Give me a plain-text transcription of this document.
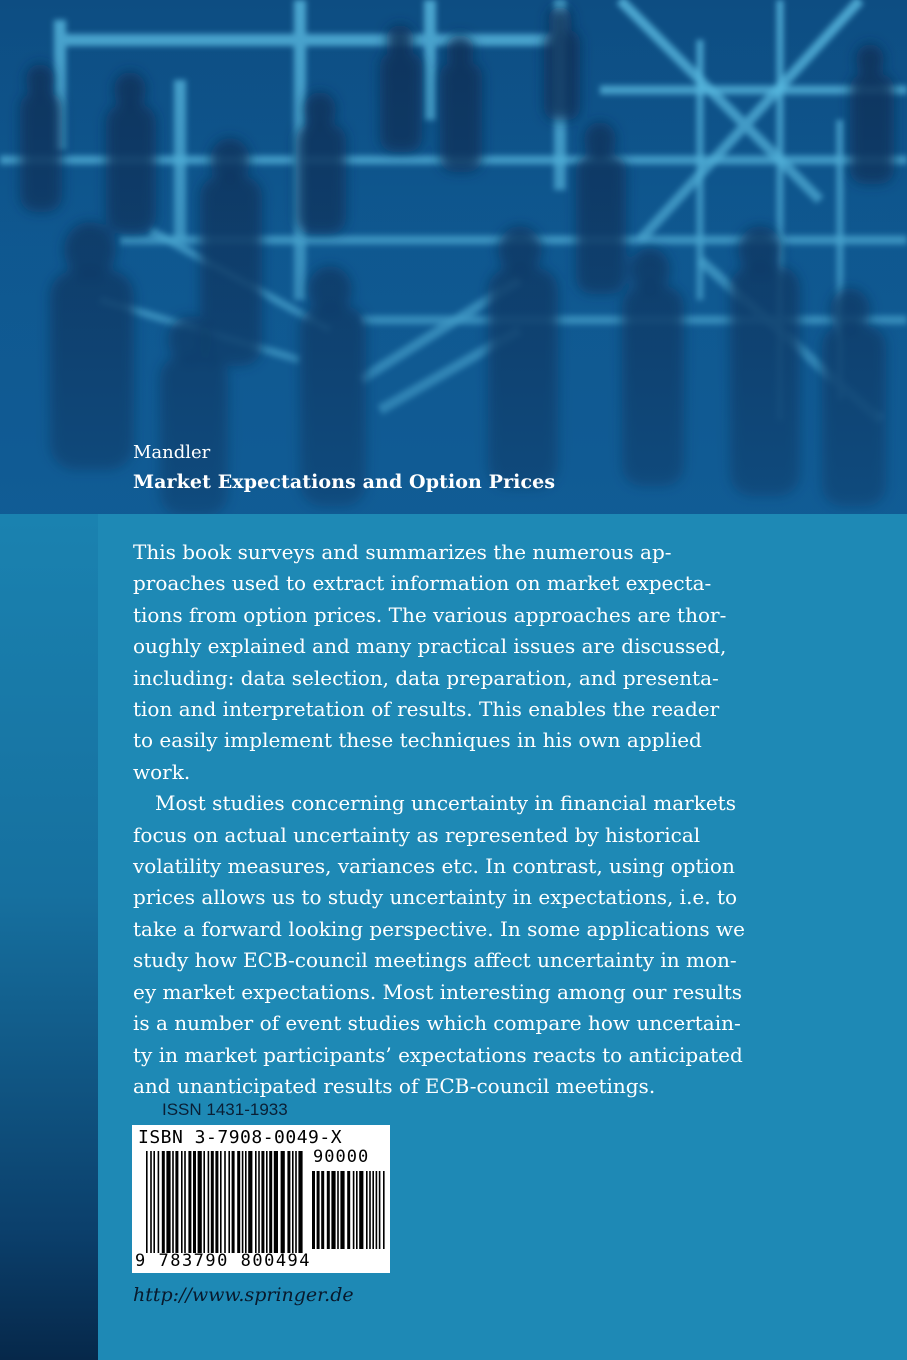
Mandler
Market Expectations and Option Prices

This book surveys and summarizes the numerous ap-
proaches used to extract information on market expecta-
tions from option prices. The various approaches are thor-
oughly explained and many practical issues are discussed,
including: data selection, data preparation, and presenta-
tion and interpretation of results. This enables the reader
to easily implement these techniques in his own applied
work.

Most studies concerning uncertainty in financial markets
focus on actual uncertainty as represented by historical
volatility measures, variances etc. In contrast, using option
prices allows us to study uncertainty in expectations, i.e. to
take a forward looking perspective. In some applications we
study how ECB-council meetings affect uncertainty in mon-
ey market expectations. Most interesting among our results
is a number of event studies which compare how uncertain-
ty in market participants’ expectations reacts to anticipated
and unanticipated results of ECB-council meetings.

ISSN 1431-1933

ISBN 3-7908-0049-X
90000
9 783790 800494

http://www.springer.de
